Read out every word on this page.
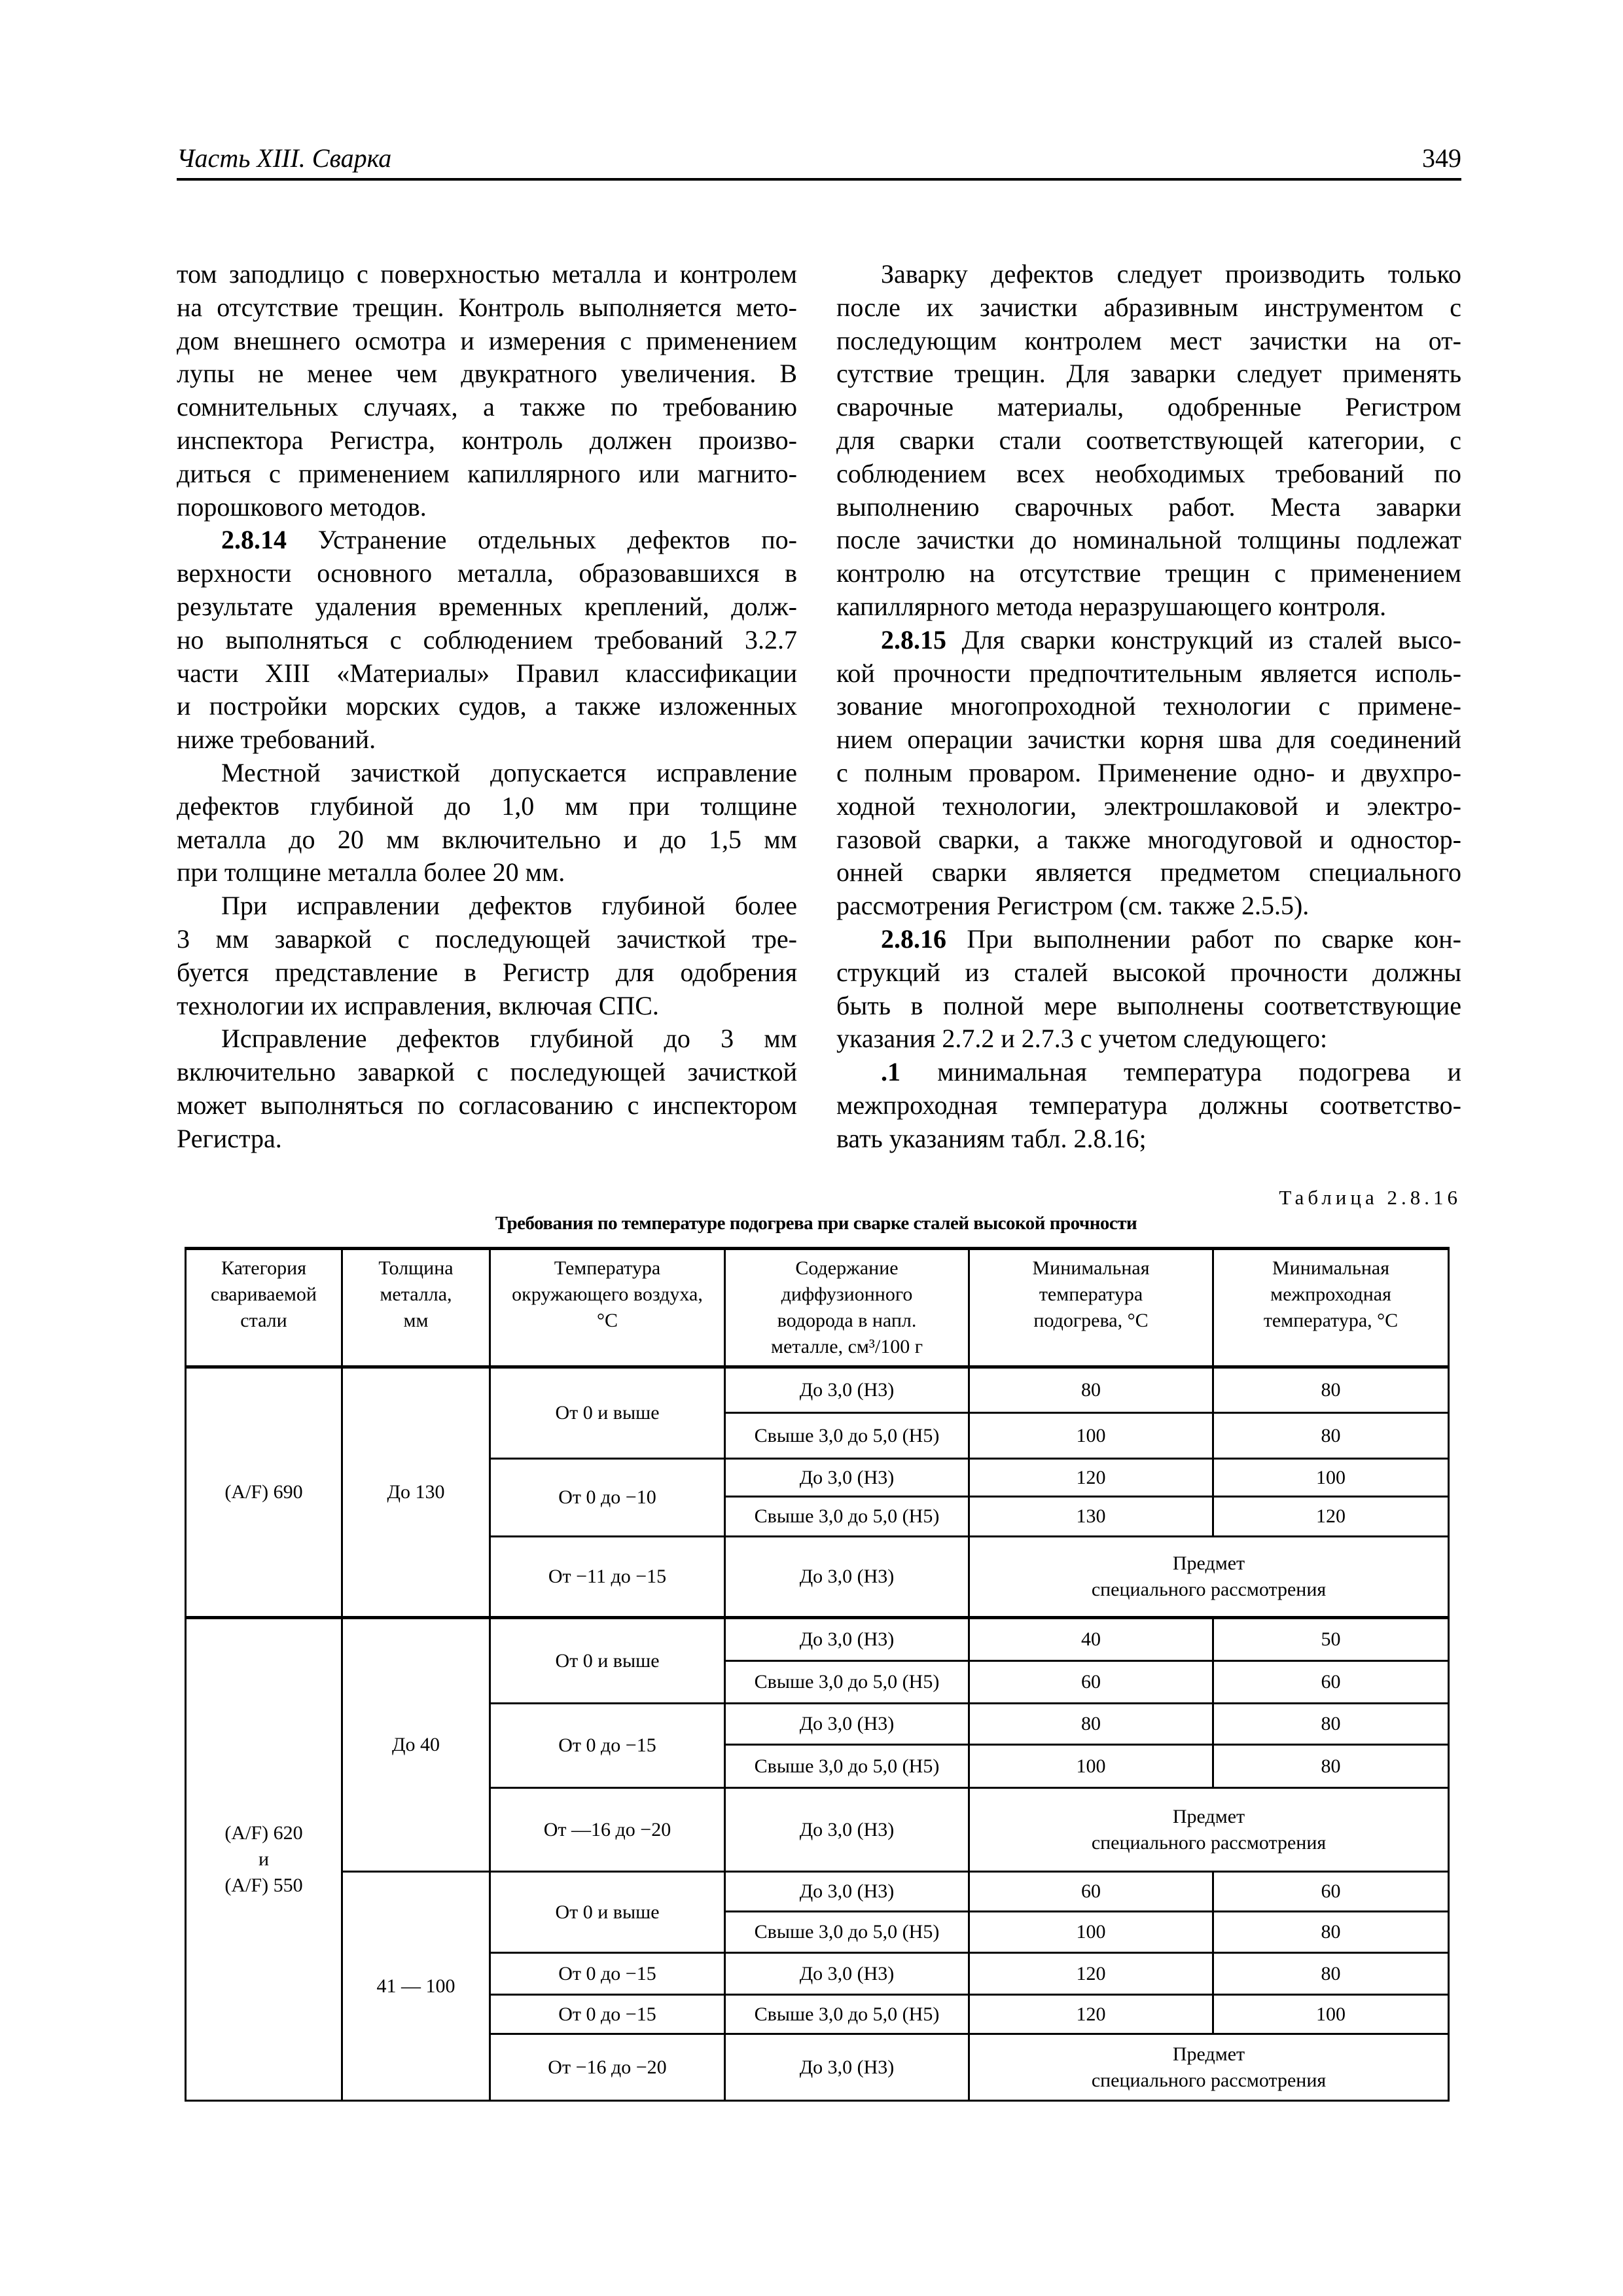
Часть XIII. Сварка	349
том заподлицо с поверхностью металла и контролем
на отсутствие трещин. Контроль выполняется мето-
дом внешнего осмотра и измерения с применением
лупы не менее чем двукратного увеличения. В
сомнительных случаях, а также по требованию
инспектора Регистра, контроль должен произво-
диться с применением капиллярного или магнито-
порошкового методов.
2.8.14 Устранение отдельных дефектов по-
верхности основного металла, образовавшихся в
результате удаления временных креплений, долж-
но выполняться с соблюдением требований 3.2.7
части XIII «Материалы» Правил классификации
и постройки морских судов, а также изложенных
ниже требований.
Местной зачисткой допускается исправление
дефектов глубиной до 1,0 мм при толщине
металла до 20 мм включительно и до 1,5 мм
при толщине металла более 20 мм.
При исправлении дефектов глубиной более
3 мм заваркой с последующей зачисткой тре-
буется представление в Регистр для одобрения
технологии их исправления, включая СПС.
Исправление дефектов глубиной до 3 мм
включительно заваркой с последующей зачисткой
может выполняться по согласованию с инспектором
Регистра.
Заварку дефектов следует производить только
после их зачистки абразивным инструментом с
последующим контролем мест зачистки на от-
сутствие трещин. Для заварки следует применять
сварочные материалы, одобренные Регистром
для сварки стали соответствующей категории, с
соблюдением всех необходимых требований по
выполнению сварочных работ. Места заварки
после зачистки до номинальной толщины подлежат
контролю на отсутствие трещин с применением
капиллярного метода неразрушающего контроля.
2.8.15 Для сварки конструкций из сталей высо-
кой прочности предпочтительным является исполь-
зование многопроходной технологии с примене-
нием операции зачистки корня шва для соединений
с полным проваром. Применение одно- и двухпро-
ходной технологии, электрошлаковой и электро-
газовой сварки, а также многодуговой и одностор-
онней сварки является предметом специального
рассмотрения Регистром (см. также 2.5.5).
2.8.16 При выполнении работ по сварке кон-
струкций из сталей высокой прочности должны
быть в полной мере выполнены соответствующие
указания 2.7.2 и 2.7.3 с учетом следующего:
.1 минимальная температура подогрева и
межпроходная температура должны соответство-
вать указаниям табл. 2.8.16;
Таблица 2.8.16
Требования по температуре подогрева при сварке сталей высокой прочности
Категория
свариваемой
стали	Толщина
металла,
мм	Температура
окружающего воздуха,
°С	Содержание
диффузионного
водорода в напл.
металле, см³/100 г	Минимальная
температура
подогрева, °С	Минимальная
межпроходная
температура, °С
(A/F) 690	До 130	От 0 и выше	До 3,0 (Н3)	80	80
			Свыше 3,0 до 5,0 (Н5)	100	80
		От 0 до −10	До 3,0 (Н3)	120	100
			Свыше 3,0 до 5,0 (Н5)	130	120
		От −11 до −15	До 3,0 (Н3)	Предмет
специального рассмотрения	
(A/F) 620
и
(A/F) 550	До 40	От 0 и выше	До 3,0 (Н3)	40	50
			Свыше 3,0 до 5,0 (Н5)	60	60
		От 0 до −15	До 3,0 (Н3)	80	80
			Свыше 3,0 до 5,0 (Н5)	100	80
		От —16 до −20	До 3,0 (Н3)	Предмет
специального рассмотрения	
	41 — 100	От 0 и выше	До 3,0 (Н3)	60	60
			Свыше 3,0 до 5,0 (Н5)	100	80
		От 0 до −15	До 3,0 (Н3)	120	80
		От 0 до −15	Свыше 3,0 до 5,0 (Н5)	120	100
		От −16 до −20	До 3,0 (Н3)	Предмет
специального рассмотрения	
